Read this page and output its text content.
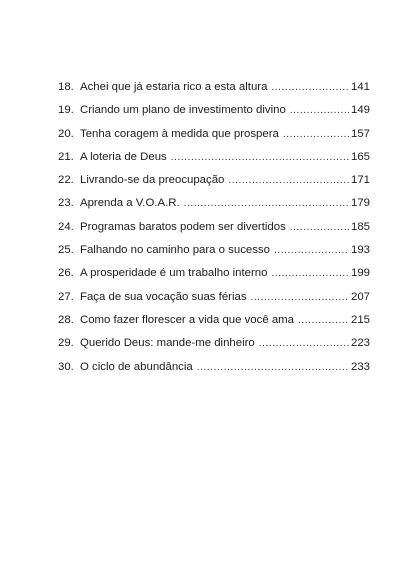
18. Achei que já estaria rico a esta altura .....	141
19. Criando um plano de investimento divino .....	149
20. Tenha coragem à medida que prospera .....	157
21. A loteria de Deus .....	165
22. Livrando-se da preocupação .....	171
23. Aprenda a V.O.A.R. .....	179
24. Programas baratos podem ser divertidos .....	185
25. Falhando no caminho para o sucesso .....	193
26. A prosperidade é um trabalho interno .....	199
27. Faça de sua vocação suas férias .....	207
28. Como fazer florescer a vida que você ama .....	215
29. Querido Deus: mande-me dinheiro .....	223
30. O ciclo de abundância .....	233
